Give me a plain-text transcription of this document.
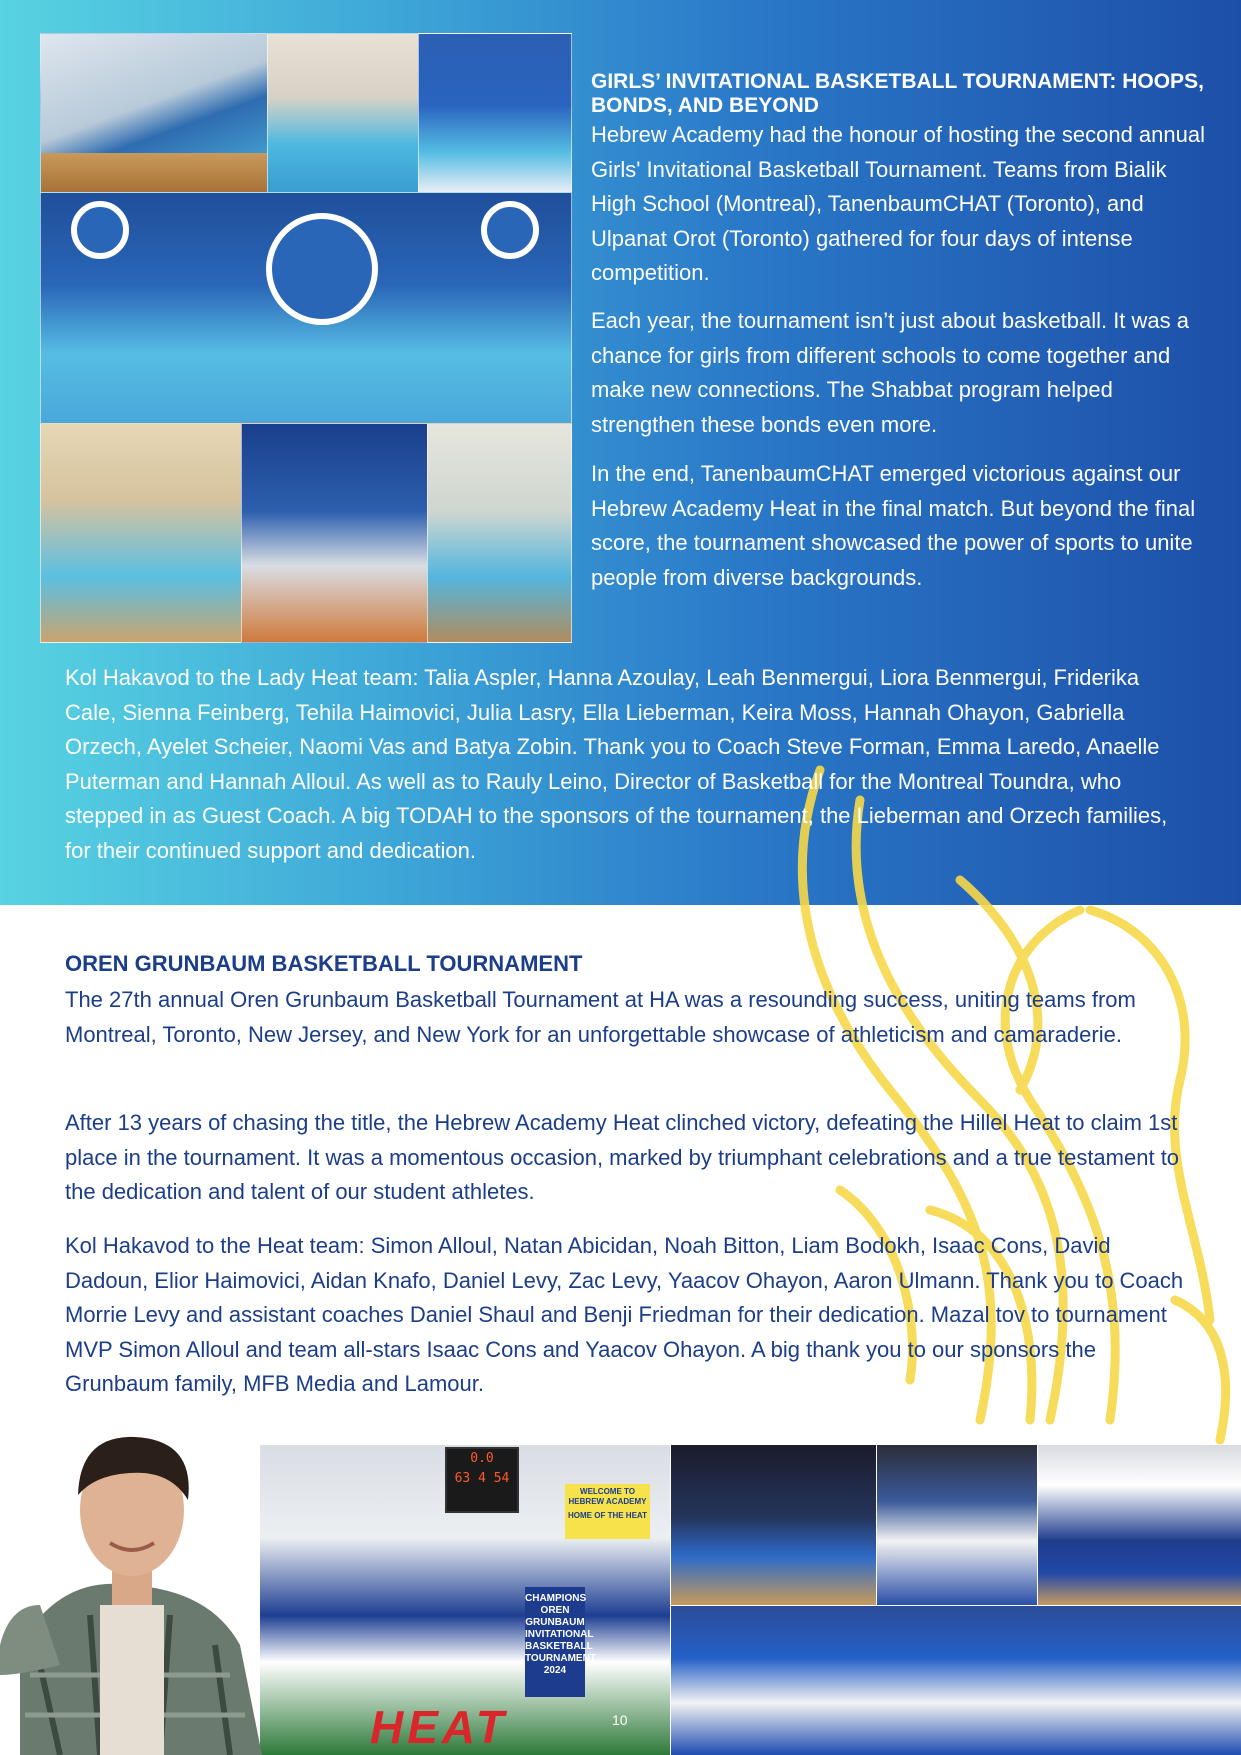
GIRLS’ INVITATIONAL BASKETBALL TOURNAMENT: HOOPS, BONDS, AND BEYOND

Hebrew Academy had the honour of hosting the second annual Girls' Invitational Basketball Tournament. Teams from Bialik High School (Montreal), TanenbaumCHAT (Toronto), and Ulpanat Orot (Toronto) gathered for four days of intense competition.

Each year, the tournament isn’t just about basketball. It was a chance for girls from different schools to come together and make new connections. The Shabbat program helped strengthen these bonds even more.

In the end, TanenbaumCHAT emerged victorious against our Hebrew Academy Heat in the final match. But beyond the final score, the tournament showcased the power of sports to unite people from diverse backgrounds.

Kol Hakavod to the Lady Heat team: Talia Aspler, Hanna Azoulay, Leah Benmergui, Liora Benmergui, Friderika Cale, Sienna Feinberg, Tehila Haimovici, Julia Lasry, Ella Lieberman, Keira Moss, Hannah Ohayon, Gabriella Orzech, Ayelet Scheier, Naomi Vas and Batya Zobin. Thank you to Coach Steve Forman, Emma Laredo, Anaelle Puterman and Hannah Alloul. As well as to Rauly Leino, Director of Basketball for the Montreal Toundra, who stepped in as Guest Coach. A big TODAH to the sponsors of the tournament, the Lieberman and Orzech families, for their continued support and dedication.

OREN GRUNBAUM BASKETBALL TOURNAMENT

The 27th annual Oren Grunbaum Basketball Tournament at HA was a resounding success, uniting teams from Montreal, Toronto, New Jersey, and New York for an unforgettable showcase of athleticism and camaraderie.

After 13 years of chasing the title, the Hebrew Academy Heat clinched victory, defeating the Hillel Heat to claim 1st place in the tournament. It was a momentous occasion, marked by triumphant celebrations and a true testament to the dedication and talent of our student athletes.

Kol Hakavod to the Heat team: Simon Alloul, Natan Abicidan, Noah Bitton, Liam Bodokh, Isaac Cons, David Dadoun, Elior Haimovici, Aidan Knafo, Daniel Levy, Zac Levy, Yaacov Ohayon, Aaron Ulmann. Thank you to Coach Morrie Levy and assistant coaches Daniel Shaul and Benji Friedman for their dedication. Mazal tov to tournament MVP Simon Alloul and team all-stars Isaac Cons and Yaacov Ohayon. A big thank you to our sponsors the Grunbaum family, MFB Media and Lamour.

HEAT
0.0
63 4 54
WELCOME TO HEBREW ACADEMY
HOME OF THE HEAT
CHAMPIONS OREN GRUNBAUM INVITATIONAL BASKETBALL TOURNAMENT 2024
10
